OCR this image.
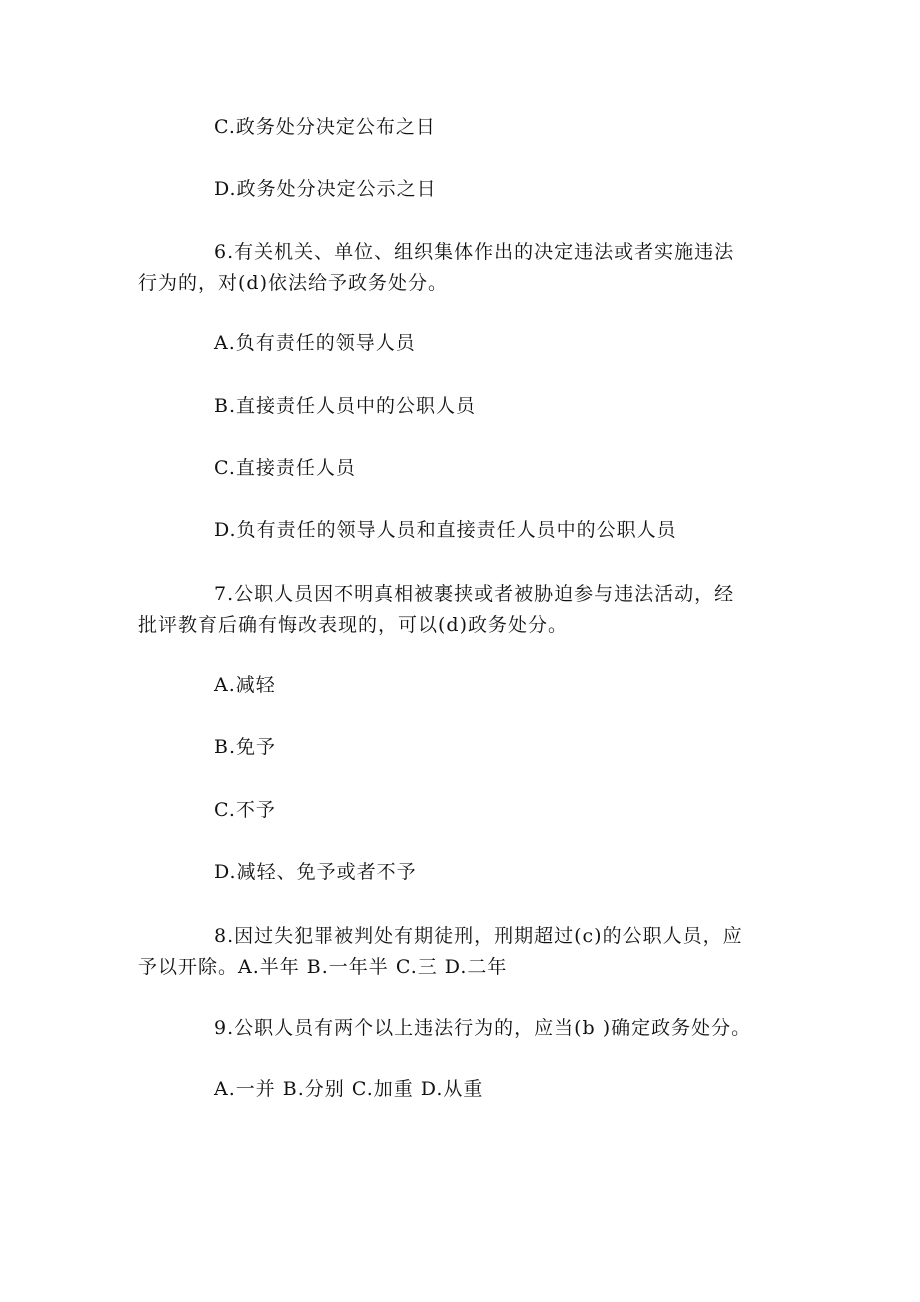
C.政务处分决定公布之日
D.政务处分决定公示之日
6.有关机关、单位、组织集体作出的决定违法或者实施违法
行为的，对(d)依法给予政务处分。
A.负有责任的领导人员
B.直接责任人员中的公职人员
C.直接责任人员
D.负有责任的领导人员和直接责任人员中的公职人员
7.公职人员因不明真相被裹挟或者被胁迫参与违法活动，经
批评教育后确有悔改表现的，可以(d)政务处分。
A.减轻
B.免予
C.不予
D.减轻、免予或者不予
8.因过失犯罪被判处有期徒刑，刑期超过(c)的公职人员，应
予以开除。A.半年 B.一年半 C.三 D.二年
9.公职人员有两个以上违法行为的，应当(b )确定政务处分。
A.一并 B.分别 C.加重 D.从重
